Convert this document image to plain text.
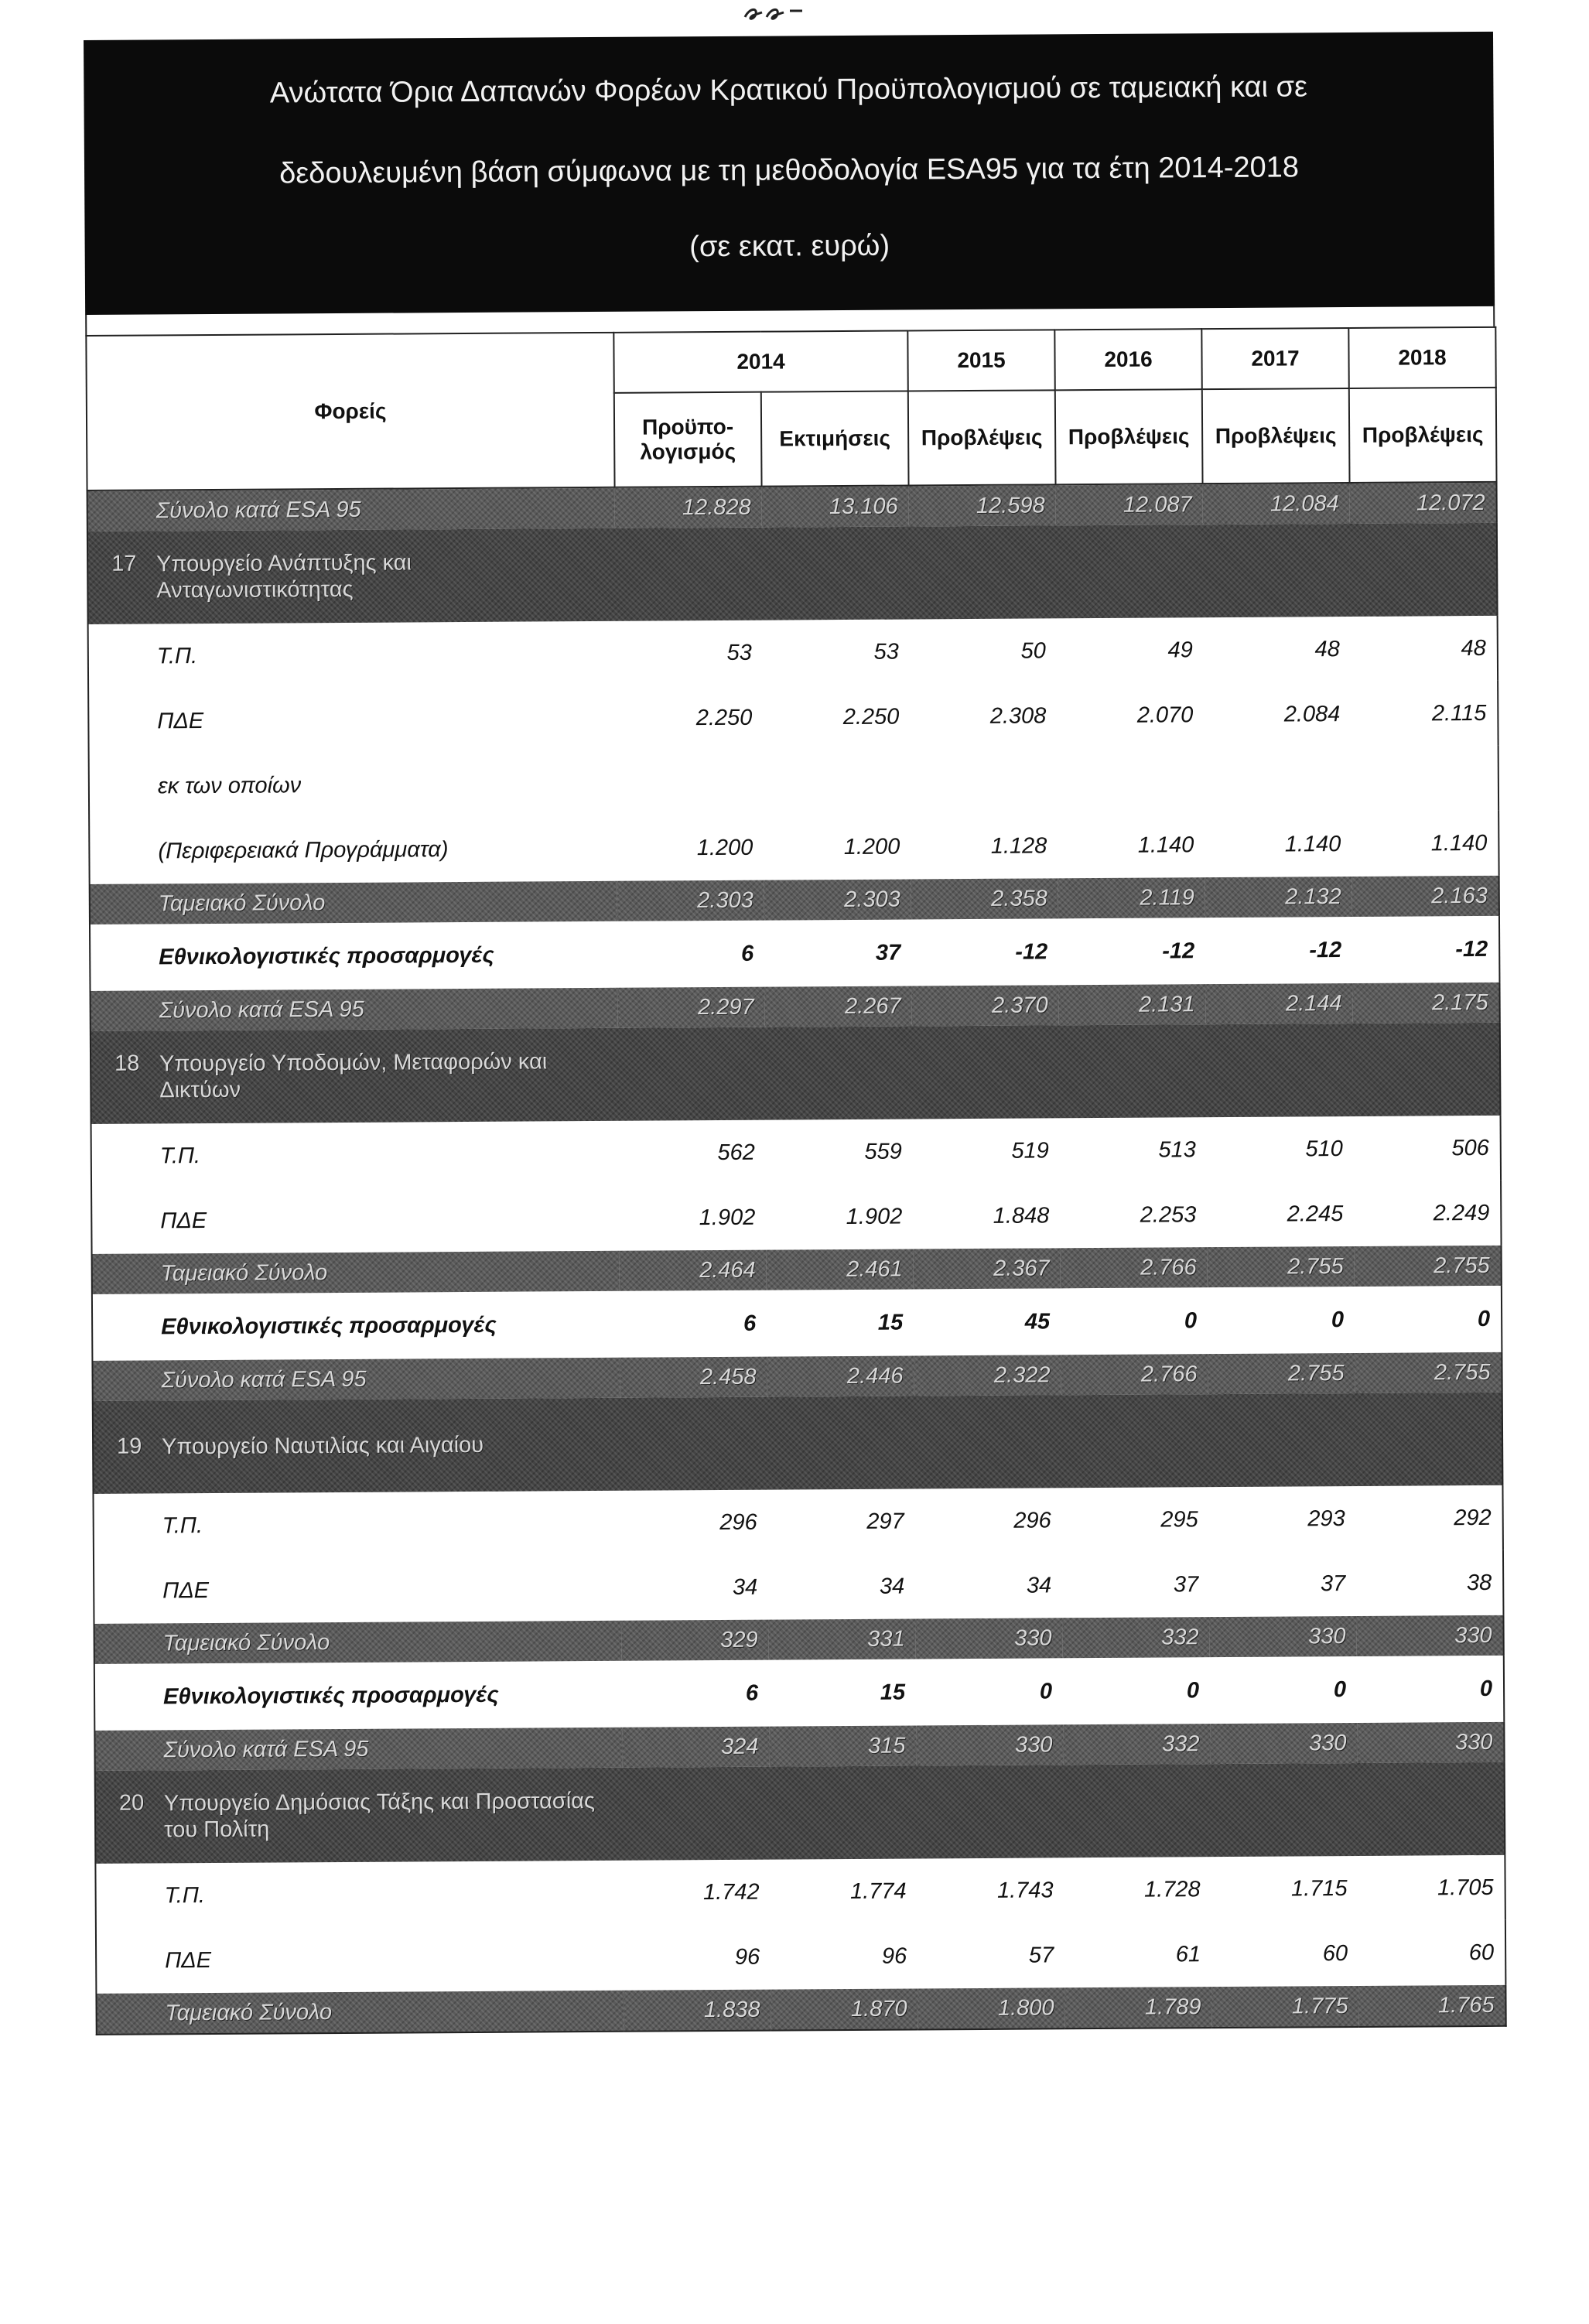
Ανώτατα Όρια Δαπανών Φορέων Κρατικού Προϋπολογισμού σε ταμειακή και σε
δεδουλευμένη βάση σύμφωνα με τη μεθοδολογία ESA95 για τα έτη 2014-2018
(σε εκατ. ευρώ)
Φορείς	2014		2015	2016	2017	2018
	Προϋπο-λογισμός	Εκτιμήσεις	Προβλέψεις	Προβλέψεις	Προβλέψεις	Προβλέψεις
Σύνολο κατά ESA 95	12.828	13.106	12.598	12.087	12.084	12.072
17 Υπουργείο Ανάπτυξης και Ανταγωνιστικότητας						
Τ.Π.	53	53	50	49	48	48
ΠΔΕ	2.250	2.250	2.308	2.070	2.084	2.115
εκ των οποίων						
(Περιφερειακά Προγράμματα)	1.200	1.200	1.128	1.140	1.140	1.140
Ταμειακό Σύνολο	2.303	2.303	2.358	2.119	2.132	2.163
Εθνικολογιστικές προσαρμογές	6	37	-12	-12	-12	-12
Σύνολο κατά ESA 95	2.297	2.267	2.370	2.131	2.144	2.175
18 Υπουργείο Υποδομών, Μεταφορών και Δικτύων						
Τ.Π.	562	559	519	513	510	506
ΠΔΕ	1.902	1.902	1.848	2.253	2.245	2.249
Ταμειακό Σύνολο	2.464	2.461	2.367	2.766	2.755	2.755
Εθνικολογιστικές προσαρμογές	6	15	45	0	0	0
Σύνολο κατά ESA 95	2.458	2.446	2.322	2.766	2.755	2.755
19 Υπουργείο Ναυτιλίας και Αιγαίου						
Τ.Π.	296	297	296	295	293	292
ΠΔΕ	34	34	34	37	37	38
Ταμειακό Σύνολο	329	331	330	332	330	330
Εθνικολογιστικές προσαρμογές	6	15	0	0	0	0
Σύνολο κατά ESA 95	324	315	330	332	330	330
20 Υπουργείο Δημόσιας Τάξης και Προστασίας του Πολίτη						
Τ.Π.	1.742	1.774	1.743	1.728	1.715	1.705
ΠΔΕ	96	96	57	61	60	60
Ταμειακό Σύνολο	1.838	1.870	1.800	1.789	1.775	1.765
